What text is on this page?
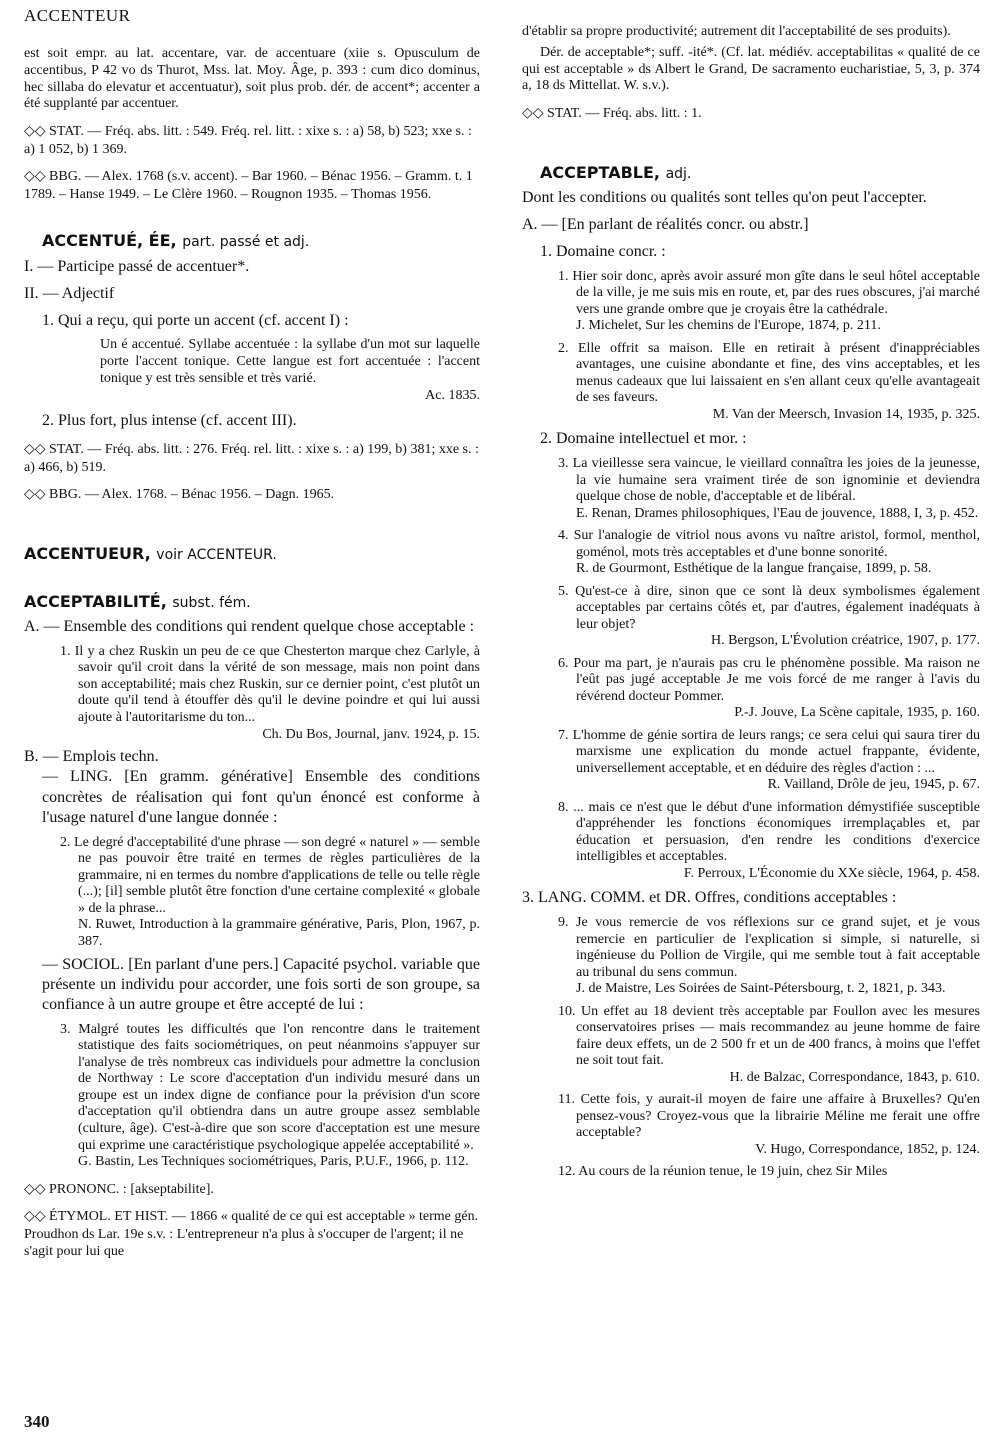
ACCENTEUR

est soit empr. au lat. accentare, var. de accentuare (xiie s. Opusculum de accentibus, P 42 vo ds Thurot, Mss. lat. Moy. Âge, p. 393 : cum dico dominus, hec sillaba do elevatur et accentuatur), soit plus prob. dér. de accent*; accenter a été supplanté par accentuer.

◇◇ STAT. — Fréq. abs. litt. : 549. Fréq. rel. litt. : xixe s. : a) 58, b) 523; xxe s. : a) 1 052, b) 1 369.

◇◇ BBG. — Alex. 1768 (s.v. accent). – Bar 1960. – Bénac 1956. – Gramm. t. 1 1789. – Hanse 1949. – Le Clère 1960. – Rougnon 1935. – Thomas 1956.

ACCENTUÉ, ÉE, part. passé et adj.

I. — Participe passé de accentuer*.

II. — Adjectif

1. Qui a reçu, qui porte un accent (cf. accent I) :

Un é accentué. Syllabe accentuée : la syllabe d'un mot sur laquelle porte l'accent tonique. Cette langue est fort accentuée : l'accent tonique y est très sensible et très varié.
Ac. 1835.

2. Plus fort, plus intense (cf. accent III).

◇◇ STAT. — Fréq. abs. litt. : 276. Fréq. rel. litt. : xixe s. : a) 199, b) 381; xxe s. : a) 466, b) 519.

◇◇ BBG. — Alex. 1768. – Bénac 1956. – Dagn. 1965.

ACCENTUEUR, voir ACCENTEUR.
ACCEPTABILITÉ, subst. fém.

A. — Ensemble des conditions qui rendent quelque chose acceptable :

1. Il y a chez Ruskin un peu de ce que Chesterton marque chez Carlyle, à savoir qu'il croit dans la vérité de son message, mais non point dans son acceptabilité; mais chez Ruskin, sur ce dernier point, c'est plutôt un doute qu'il tend à étouffer dès qu'il le devine poindre et qui lui aussi ajoute à l'autoritarisme du ton...
Ch. Du Bos, Journal, janv. 1924, p. 15.

B. — Emplois techn.

— LING. [En gramm. générative] Ensemble des conditions concrètes de réalisation qui font qu'un énoncé est conforme à l'usage naturel d'une langue donnée :

2. Le degré d'acceptabilité d'une phrase — son degré « naturel » — semble ne pas pouvoir être traité en termes de règles particulières de la grammaire, ni en termes du nombre d'applications de telle ou telle règle (...); [il] semble plutôt être fonction d'une certaine complexité « globale » de la phrase...
N. Ruwet, Introduction à la grammaire générative, Paris, Plon, 1967, p. 387.

— SOCIOL. [En parlant d'une pers.] Capacité psychol. variable que présente un individu pour accorder, une fois sorti de son groupe, sa confiance à un autre groupe et être accepté de lui :

3. Malgré toutes les difficultés que l'on rencontre dans le traitement statistique des faits sociométriques, on peut néanmoins s'appuyer sur l'analyse de très nombreux cas individuels pour admettre la conclusion de Northway : Le score d'acceptation d'un individu mesuré dans un groupe est un index digne de confiance pour la prévision d'un score d'acceptation qu'il obtiendra dans un autre groupe assez semblable (culture, âge). C'est-à-dire que son score d'acceptation est une mesure qui exprime une caractéristique psychologique appelée acceptabilité ».
G. Bastin, Les Techniques sociométriques, Paris, P.U.F., 1966, p. 112.

◇◇ PRONONC. : [akseptabilite].

◇◇ ÉTYMOL. ET HIST. — 1866 « qualité de ce qui est acceptable » terme gén. Proudhon ds Lar. 19e s.v. : L'entrepreneur n'a plus à s'occuper de l'argent; il ne s'agit pour lui que

d'établir sa propre productivité; autrement dit l'acceptabilité de ses produits).

Dér. de acceptable*; suff. -ité*. (Cf. lat. médiév. acceptabilitas « qualité de ce qui est acceptable » ds Albert le Grand, De sacramento eucharistiae, 5, 3, p. 374 a, 18 ds Mittellat. W. s.v.).

◇◇ STAT. — Fréq. abs. litt. : 1.

ACCEPTABLE, adj.

Dont les conditions ou qualités sont telles qu'on peut l'accepter.

A. — [En parlant de réalités concr. ou abstr.]

1. Domaine concr. :

1. Hier soir donc, après avoir assuré mon gîte dans le seul hôtel acceptable de la ville, je me suis mis en route, et, par des rues obscures, j'ai marché vers une grande ombre que je croyais être la cathédrale.
J. Michelet, Sur les chemins de l'Europe, 1874, p. 211.

2. Elle offrit sa maison. Elle en retirait à présent d'inappréciables avantages, une cuisine abondante et fine, des vins acceptables, et les menus cadeaux que lui laissaient en s'en allant ceux qu'elle avantageait de ses faveurs.
M. Van der Meersch, Invasion 14, 1935, p. 325.

2. Domaine intellectuel et mor. :

3. La vieillesse sera vaincue, le vieillard connaîtra les joies de la jeunesse, la vie humaine sera vraiment tirée de son ignominie et deviendra quelque chose de noble, d'acceptable et de libéral.
E. Renan, Drames philosophiques, l'Eau de jouvence, 1888, I, 3, p. 452.

4. Sur l'analogie de vitriol nous avons vu naître aristol, formol, menthol, goménol, mots très acceptables et d'une bonne sonorité.
R. de Gourmont, Esthétique de la langue française, 1899, p. 58.

5. Qu'est-ce à dire, sinon que ce sont là deux symbolismes également acceptables par certains côtés et, par d'autres, également inadéquats à leur objet?
H. Bergson, L'Évolution créatrice, 1907, p. 177.

6. Pour ma part, je n'aurais pas cru le phénomène possible. Ma raison ne l'eût pas jugé acceptable Je me vois forcé de me ranger à l'avis du révérend docteur Pommer.
P.-J. Jouve, La Scène capitale, 1935, p. 160.

7. L'homme de génie sortira de leurs rangs; ce sera celui qui saura tirer du marxisme une explication du monde actuel frappante, évidente, universellement acceptable, et en déduire des règles d'action : ...
R. Vailland, Drôle de jeu, 1945, p. 67.

8. ... mais ce n'est que le début d'une information démystifiée susceptible d'appréhender les fonctions économiques irremplaçables et, par éducation et persuasion, d'en rendre les conditions d'exercice intelligibles et acceptables.
F. Perroux, L'Économie du XXe siècle, 1964, p. 458.

3. LANG. COMM. et DR. Offres, conditions acceptables :

9. Je vous remercie de vos réflexions sur ce grand sujet, et je vous remercie en particulier de l'explication si simple, si naturelle, si ingénieuse du Pollion de Virgile, qui me semble tout à fait acceptable au tribunal du sens commun.
J. de Maistre, Les Soirées de Saint-Pétersbourg, t. 2, 1821, p. 343.

10. Un effet au 18 devient très acceptable par Foullon avec les mesures conservatoires prises — mais recommandez au jeune homme de faire faire deux effets, un de 2 500 fr et un de 400 francs, à moins que l'effet ne soit tout fait.
H. de Balzac, Correspondance, 1843, p. 610.

11. Cette fois, y aurait-il moyen de faire une affaire à Bruxelles? Qu'en pensez-vous? Croyez-vous que la librairie Méline me ferait une offre acceptable?
V. Hugo, Correspondance, 1852, p. 124.

12. Au cours de la réunion tenue, le 19 juin, chez Sir Miles

340
